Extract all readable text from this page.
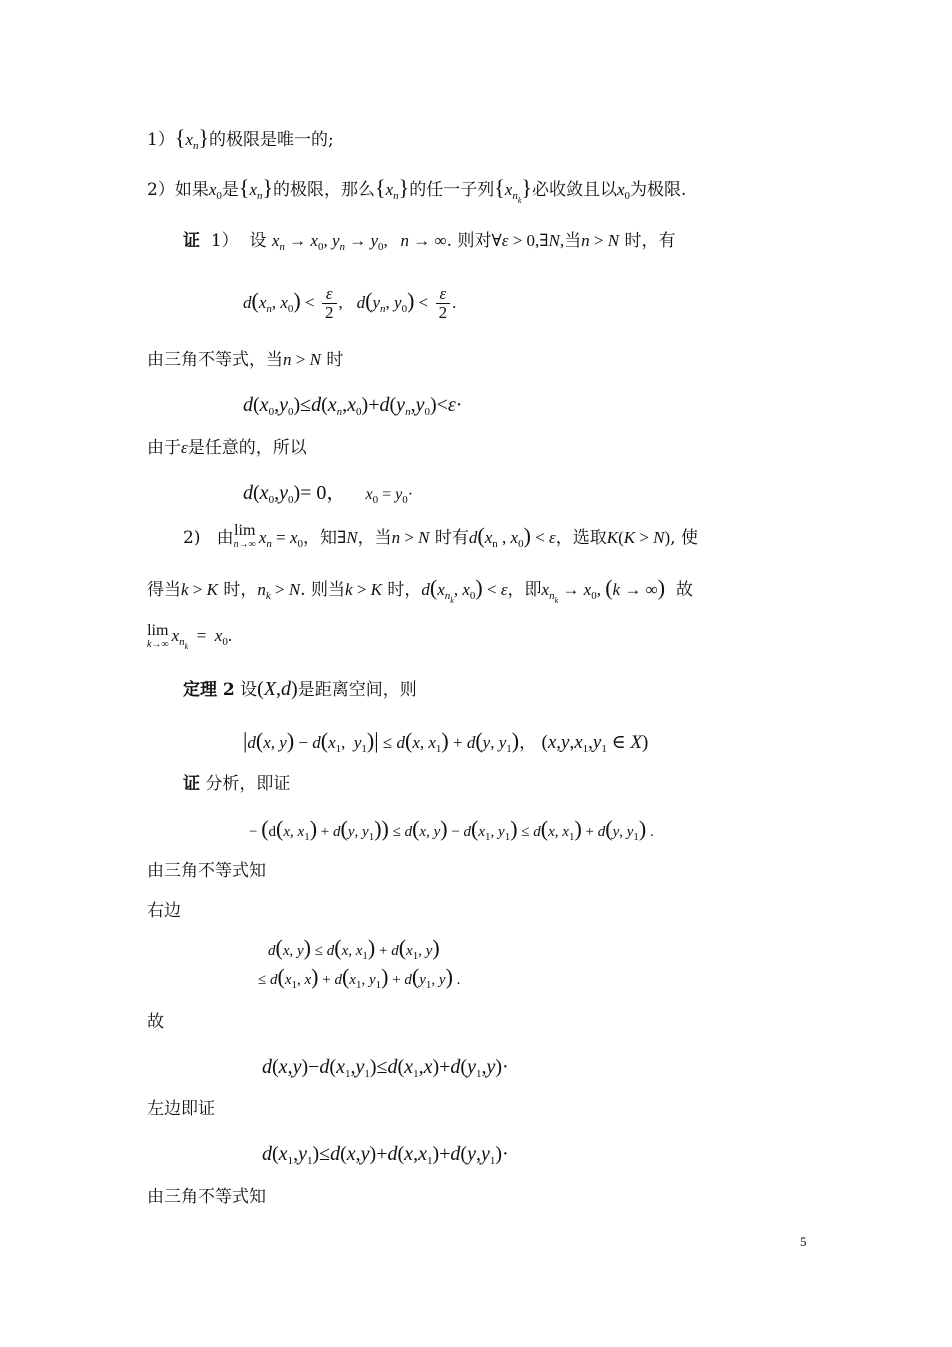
$1)\{x_n\}$的极限是唯一的;
2）如果$x_0$是$\{x_n\}$的极限，那么$\{x_n\}$的任一子列$\{x_{n_k}\}$必收敛且以$x_0$为极限.
证 1） 设 $x_n \to x_0$, $y_n \to y_0$,   n → ∞. 则对∀ε > 0,∃N,当n > N 时，有
$d(x_n$, $x_0) < \frac{\varepsilon}{2}$ ,   $d(y_n$, $y_0) < \frac{\varepsilon}{2}$ .
由三角不等式，当n > N 时
$d(x_0,y_0)\le d(x_n,x_0)+d(y_n,y_0)<\varepsilon\cdot$
由于ε是任意的，所以
$d(x_0,y_0)= 0$， $x_0 = y_0\cdot$
2) 由 lim
n→∞ $x_n = x_0$，知∃N，当n > N 时有$d(x_n$ , $x_0) < \varepsilon$，选取K(K > N), 使
得当k > K 时，$n_k > N$. 则当k > K 时，$d(x_{n_k}$, $x_0) < \varepsilon$，即$x_{n_k} \to x_0$, (k → ∞) 故
lim
k→∞ $x_{n_k} = x_0$.
定理 2 设(X,d)是距离空间，则
|d(x, $y) - d(x_1$,  $y_1)| \le d(x$, $x_1) + d(y$, $y_1$)， ($x,y,x_1,y_1$ ∈ X)
证 分析，即证
− (d(x, $x_1) + d(y$, $y_1)) \le d(x$, $y) - d(x_1$, $y_1) \le d(x$, $x_1) + d(y$, $y_1$) .
由三角不等式知
右边
d(x, y) ≤ d(x, $x_1) + d(x_1$, y)
≤ $d(x_1$, $x) + d(x_1$, $y_1) + d(y_1$, y) .
故
$d(x,y)-d(x_1,y_1)\le d(x_1,x)+d(y_1,y)\cdot$
左边即证
$d(x_1,y_1)\le d(x,y)+d(x,x_1)+d(y,y_1)\cdot$
由三角不等式知
5
